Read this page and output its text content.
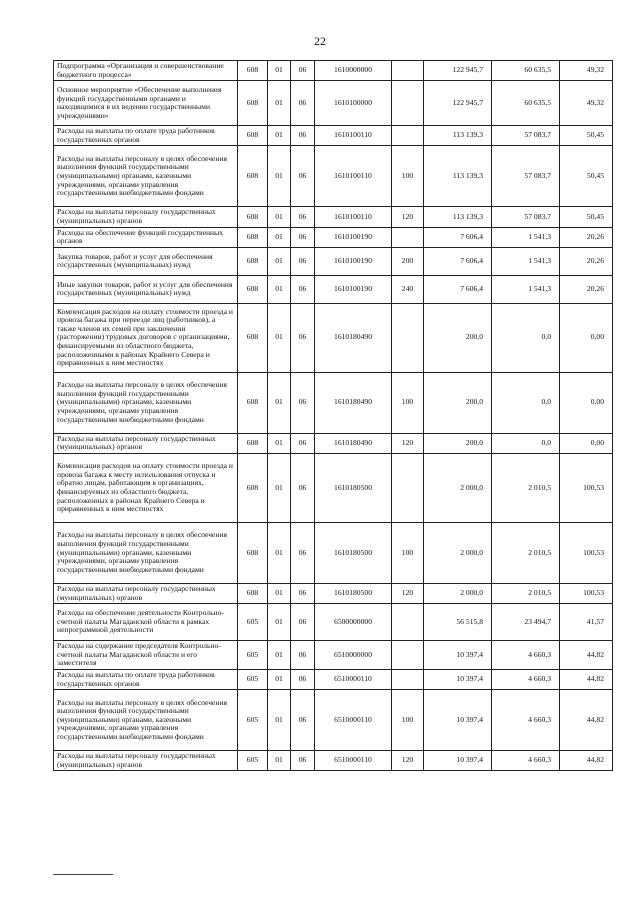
22
Подпрограмма «Организация и совершенствование бюджетного процесса»	608	01	06	1610000000		122 945,7	60 635,5	49,32
Основное мероприятие «Обеспечение выполнения функций государственными органами и находящимися в их ведении государственными учреждениями»	608	01	06	1610100000		122 945,7	60 635,5	49,32
Расходы на выплаты по оплате труда работников государственных органов	608	01	06	1610100110		113 139,3	57 083,7	50,45
Расходы на выплаты персоналу в целях обеспечения выполнения функций государственными (муниципальными) органами, казенными учреждениями, органами управления государственными внебюджетными фондами	608	01	06	1610100110	100	113 139,3	57 083,7	50,45
Расходы на выплаты персоналу государственных (муниципальных) органов	608	01	06	1610100110	120	113 139,3	57 083,7	50,45
Расходы на обеспечение функций государственных органов	608	01	06	1610100190		7 606,4	1 541,3	20,26
Закупка товаров, работ и услуг для обеспечения государственных (муниципальных) нужд	608	01	06	1610100190	200	7 606,4	1 541,3	20,26
Иные закупки товаров, работ и услуг для обеспечения государственных (муниципальных) нужд	608	01	06	1610100190	240	7 606,4	1 541,3	20,26
Компенсация расходов на оплату стоимости проезда и провоза багажа при переезде лиц (работников), а также членов их семей при заключении (расторжении) трудовых договоров с организациями, финансируемыми из областного бюджета, расположенными в районах Крайнего Севера и приравненных к ним местностях	608	01	06	1610180490		200,0	0,0	0,00
Расходы на выплаты персоналу в целях обеспечения выполнения функций государственными (муниципальными) органами, казенными учреждениями, органами управления государственными внебюджетными фондами	608	01	06	1610180490	100	200,0	0,0	0,00
Расходы на выплаты персоналу государственных (муниципальных) органов	608	01	06	1610180490	120	200,0	0,0	0,00
Компенсация расходов на оплату стоимости проезда и провоза багажа к месту использования отпуска и обратно лицам, работающим в организациях, финансируемых из областного бюджета, расположенных в районах Крайнего Севера и приравненных к ним местностях	608	01	06	1610180500		2 000,0	2 010,5	100,53
Расходы на выплаты персоналу в целях обеспечения выполнения функций государственными (муниципальными) органами, казенными учреждениями, органами управления государственными внебюджетными фондами	608	01	06	1610180500	100	2 000,0	2 010,5	100,53
Расходы на выплаты персоналу государственных (муниципальных) органов	608	01	06	1610180500	120	2 000,0	2 010,5	100,53
Расходы на обеспечение деятельности Контрольно-счетной палаты Магаданской области в рамках непрограммной деятельности	605	01	06	6500000000		56 515,8	23 494,7	41,57
Расходы на содержание председателя Контрольно-счетной палаты Магаданской области и его заместителя	605	01	06	6510000000		10 397,4	4 660,3	44,82
Расходы на выплаты по оплате труда работников государственных органов	605	01	06	6510000110		10 397,4	4 660,3	44,82
Расходы на выплаты персоналу в целях обеспечения выполнения функций государственными (муниципальными) органами, казенными учреждениями, органами управления государственными внебюджетными фондами	605	01	06	6510000110	100	10 397,4	4 660,3	44,82
Расходы на выплаты персоналу государственных (муниципальных) органов	605	01	06	6510000110	120	10 397,4	4 660,3	44,82
